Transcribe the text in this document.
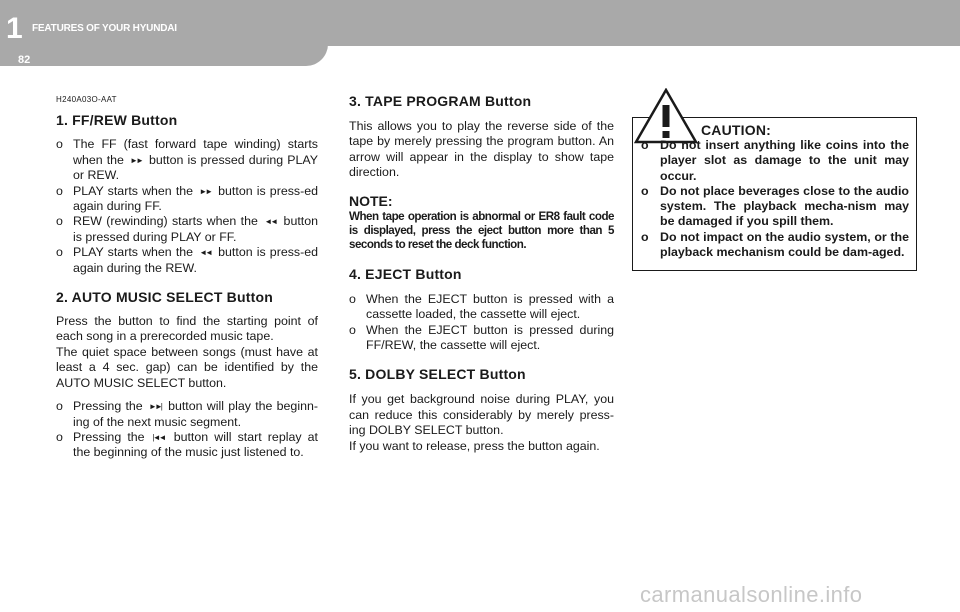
1 FEATURES OF YOUR HYUNDAI
82
H240A03O-AAT
1. FF/REW Button
o The FF (fast forward tape winding) starts when the ►► button is pressed during PLAY or REW.
o PLAY starts when the ►► button is press-ed again during FF.
o REW (rewinding) starts when the ◄◄ button is pressed during PLAY or FF.
o PLAY starts when the ◄◄ button is press-ed again during the REW.
2. AUTO MUSIC SELECT Button

Press the button to find the starting point of each song in a prerecorded music tape.

The quiet space between songs (must have at least a 4 sec. gap) can be identified by the AUTO MUSIC SELECT button.

o Pressing the ►►| button will play the beginn-ing of the next music segment.
o Pressing the |◄◄ button will start replay at the beginning of the music just listened to.
3. TAPE PROGRAM Button

This allows you to play the reverse side of the tape by merely pressing the program button. An arrow will appear in the display to show tape direction.

NOTE:
When tape operation is abnormal or ER8 fault code is displayed, press the eject button more than 5 seconds to reset the deck function.
4. EJECT Button
o When the EJECT button is pressed with a cassette loaded, the cassette will eject.
o When the EJECT button is pressed during FF/REW, the cassette will eject.
5. DOLBY SELECT Button

If you get background noise during PLAY, you can reduce this considerably by merely press-ing DOLBY SELECT button.

If you want to release, press the button again.

CAUTION:
o Do not insert anything like coins into the player slot as damage to the unit may occur.
o Do not place beverages close to the audio system. The playback mecha-nism may be damaged if you spill them.
o Do not impact on the audio system, or the playback mechanism could be dam-aged.
carmanualsonline.info
